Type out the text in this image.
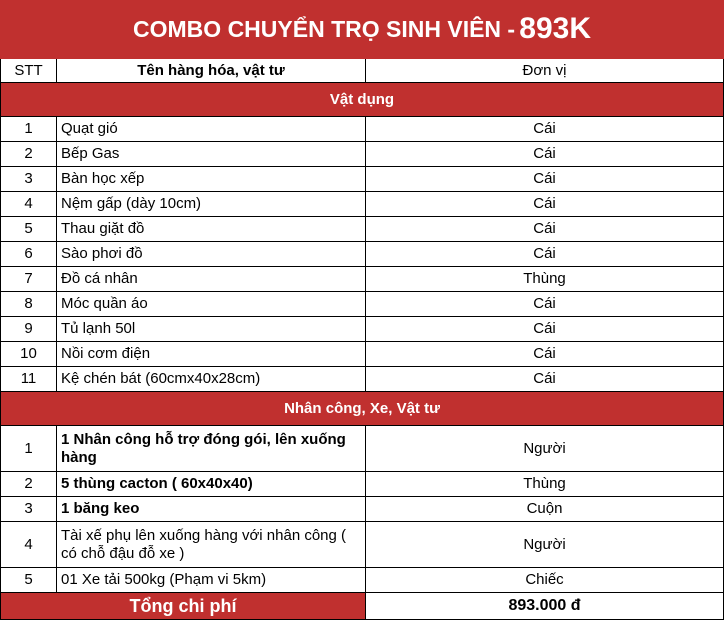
COMBO CHUYỂN TRỌ SINH VIÊN - 893K		
STT	Tên hàng hóa, vật tư	Đơn vị
Vật dụng		
1	Quạt gió	Cái
2	Bếp Gas	Cái
3	Bàn học xếp	Cái
4	Nệm gấp (dày 10cm)	Cái
5	Thau giặt đồ	Cái
6	Sào phơi đồ	Cái
7	Đồ cá nhân	Thùng
8	Móc quần áo	Cái
9	Tủ lạnh 50l	Cái
10	Nồi cơm điện	Cái
11	Kệ chén bát (60cmx40x28cm)	Cái
Nhân công, Xe, Vật tư		
1	1 Nhân công hỗ trợ đóng gói, lên xuống hàng	Người
2	5 thùng cacton ( 60x40x40)	Thùng
3	1 băng keo	Cuộn
4	Tài xế phụ lên xuống hàng với nhân công ( có chỗ đậu đỗ xe )	Người
5	01 Xe tải 500kg (Phạm vi 5km)	Chiếc
Tổng chi phí		893.000 đ
